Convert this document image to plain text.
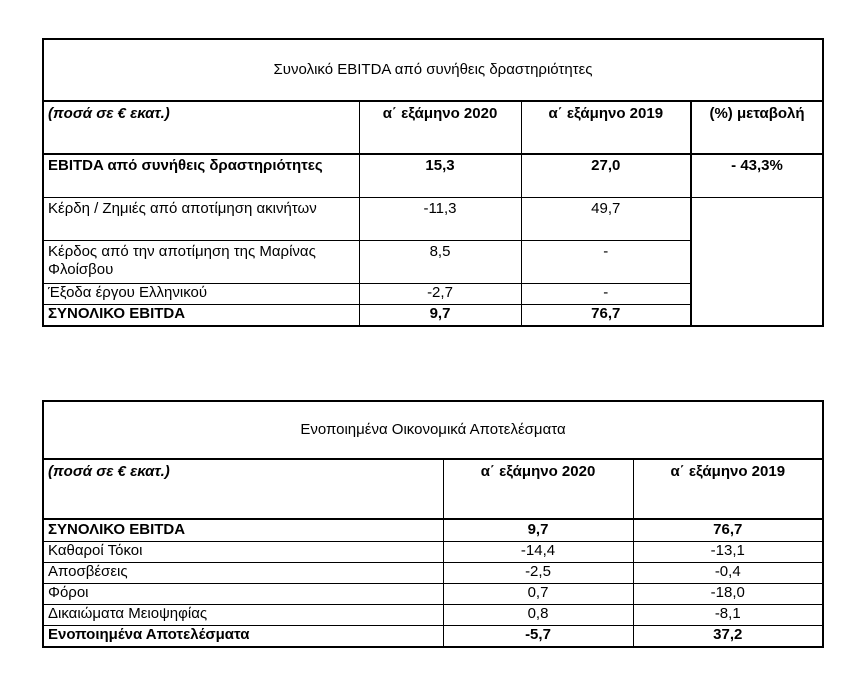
Συνολικό EBITDA από συνήθεις δραστηριότητες			
(ποσά σε € εκατ.)	α΄ εξάμηνο 2020	α΄ εξάμηνο 2019	(%) μεταβολή
EBITDA από συνήθεις δραστηριότητες	15,3	27,0	- 43,3%
Κέρδη / Ζημιές από αποτίμηση ακινήτων	-11,3	49,7	
Κέρδος από την αποτίμηση της Μαρίνας Φλοίσβου	8,5	-	
Έξοδα έργου Ελληνικού	-2,7	-	
ΣΥΝΟΛΙΚΟ EBITDA	9,7	76,7	
Ενοποιημένα Οικονομικά Αποτελέσματα		
(ποσά σε € εκατ.)	α΄ εξάμηνο 2020	α΄ εξάμηνο 2019
ΣΥΝΟΛΙΚΟ EBITDA	9,7	76,7
Καθαροί Τόκοι	-14,4	-13,1
Αποσβέσεις	-2,5	-0,4
Φόροι	0,7	-18,0
Δικαιώματα Μειοψηφίας	0,8	-8,1
Ενοποιημένα Αποτελέσματα	-5,7	37,2
